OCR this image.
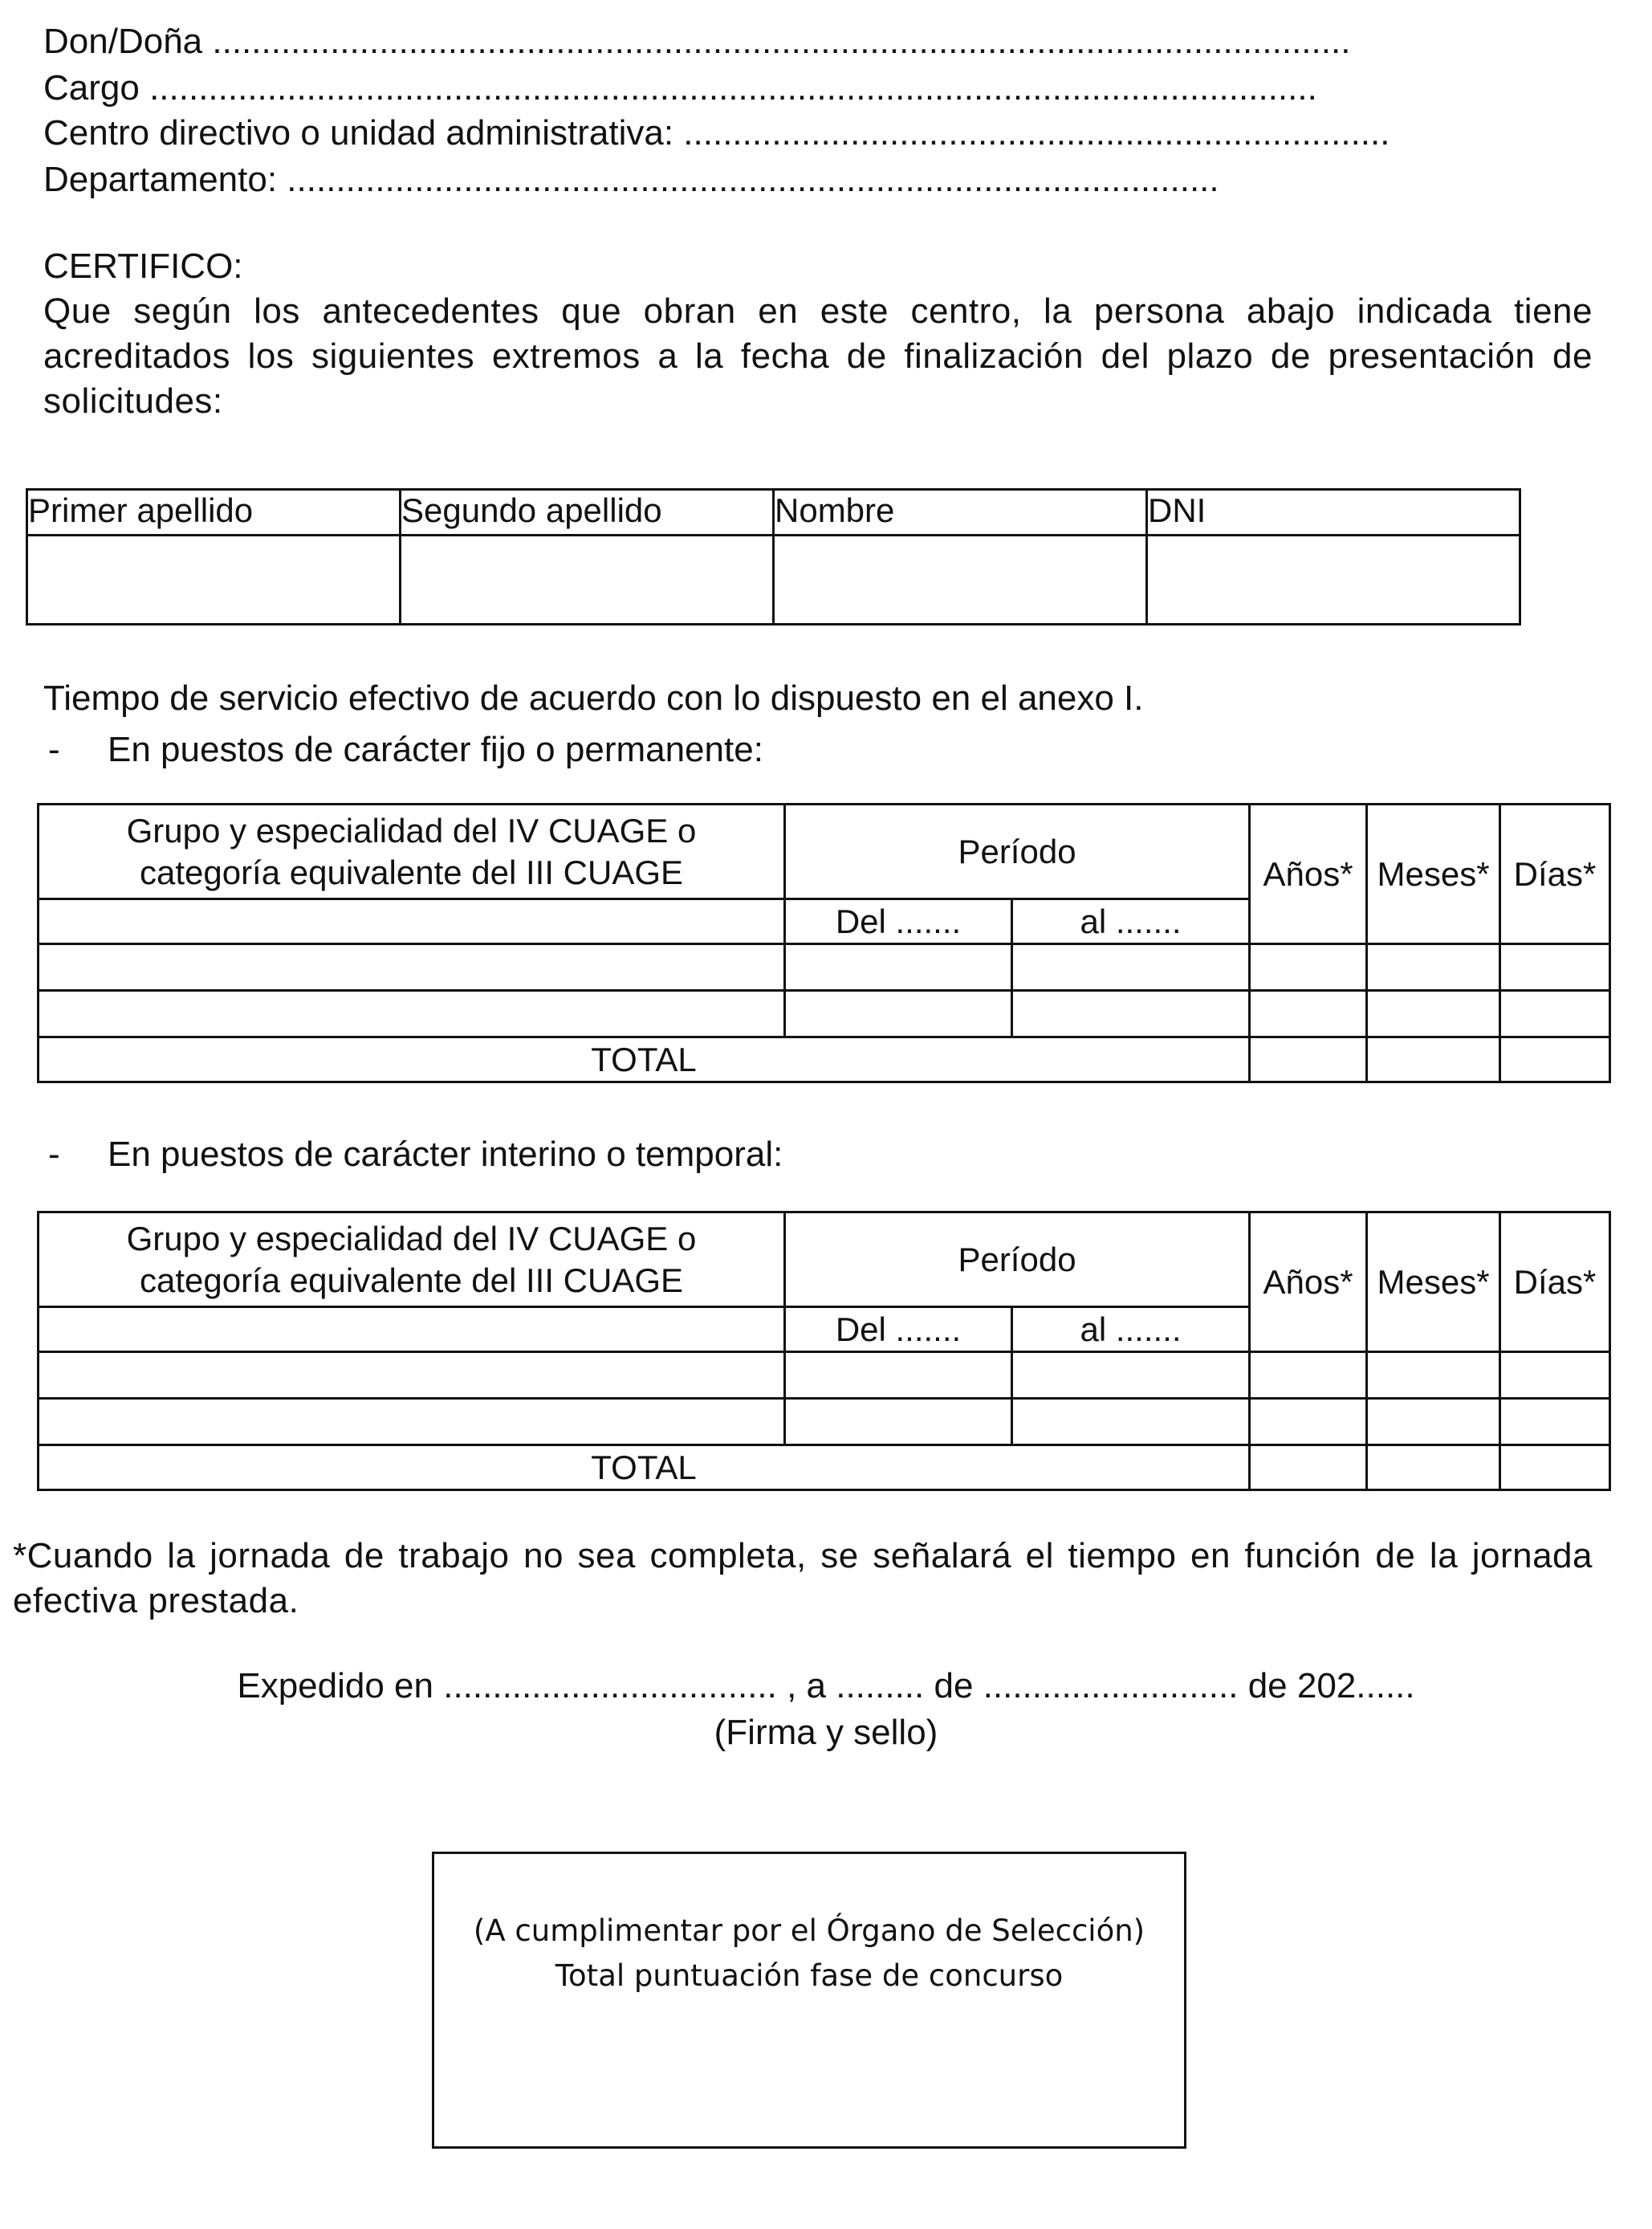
Don/Doña ....................................................................................................................
Cargo .......................................................................................................................
Centro directivo o unidad administrativa: ........................................................................
Departamento: ...............................................................................................
CERTIFICO:
Que según los antecedentes que obran en este centro, la persona abajo indicada tiene acreditados los siguientes extremos a la fecha de finalización del plazo de presentación de solicitudes:
Primer apellido	Segundo apellido	Nombre	DNI

Tiempo de servicio efectivo de acuerdo con lo dispuesto en el anexo I.
- En puestos de carácter fijo o permanente:
Grupo y especialidad del IV CUAGE o
categoría equivalente del III CUAGE	Período		Años*	Meses*	Días*
	Del .......	al .......			

TOTAL					
- En puestos de carácter interino o temporal:
Grupo y especialidad del IV CUAGE o
categoría equivalente del III CUAGE	Período		Años*	Meses*	Días*
	Del .......	al .......			

TOTAL					
*Cuando la jornada de trabajo no sea completa, se señalará el tiempo en función de la jornada efectiva prestada.
Expedido en .................................. , a ......... de .......................... de 202......
(Firma y sello)
(A cumplimentar por el Órgano de Selección)
Total puntuación fase de concurso
